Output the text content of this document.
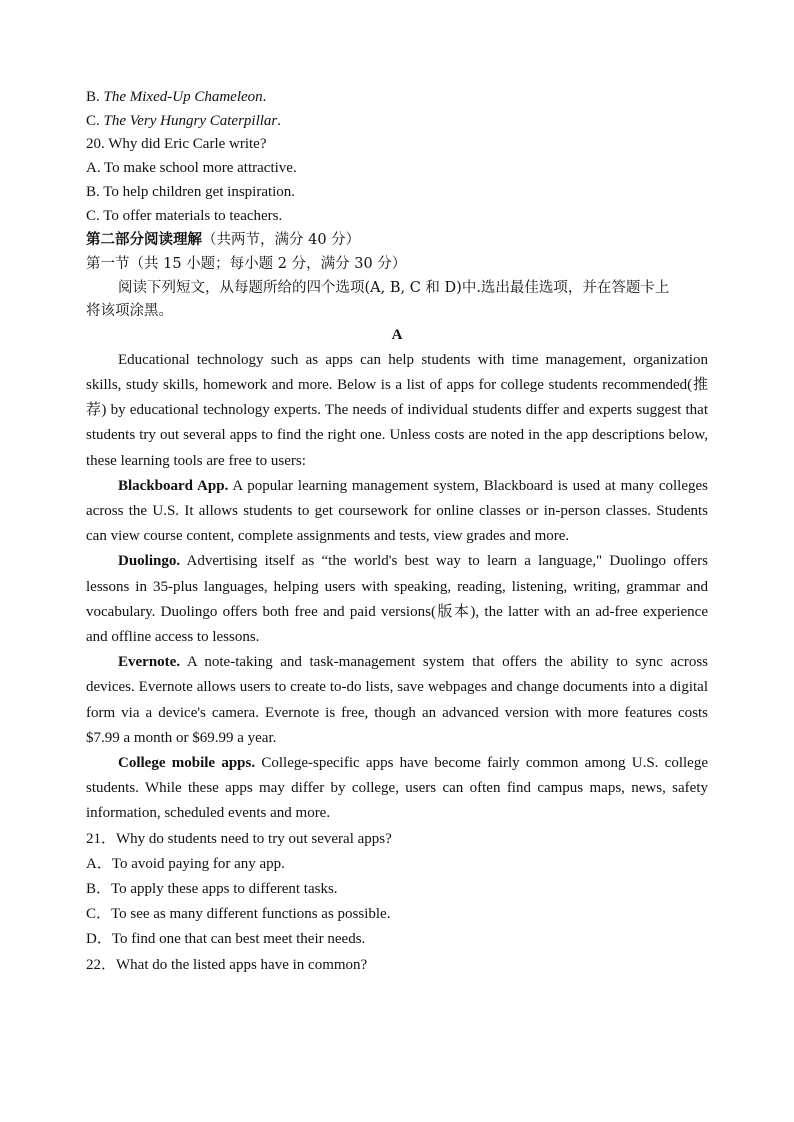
B. The Mixed-Up Chameleon.
C. The Very Hungry Caterpillar.
20. Why did Eric Carle write?
A. To make school more attractive.
B. To help children get inspiration.
C. To offer materials to teachers.
第二部分阅读理解（共两节，满分 40 分）
第一节（共 15 小题；每小题 2 分，满分 30 分）
阅读下列短文，从每题所给的四个选项(A, B, C 和 D)中.选出最佳选项，并在答题卡上
将该项涂黑。
A

Educational technology such as apps can help students with time management, organization skills, study skills, homework and more. Below is a list of apps for college students recommended(推荐) by educational technology experts. The needs of individual students differ and experts suggest that students try out several apps to find the right one. Unless costs are noted in the app descriptions below, these learning tools are free to users:

Blackboard App. A popular learning management system, Blackboard is used at many colleges across the U.S. It allows students to get coursework for online classes or in-person classes. Students can view course content, complete assignments and tests, view grades and more.

Duolingo. Advertising itself as “the world's best way to learn a language," Duolingo offers lessons in 35-plus languages, helping users with speaking, reading, listening, writing, grammar and vocabulary. Duolingo offers both free and paid versions(版本), the latter with an ad-free experience and offline access to lessons.

Evernote. A note-taking and task-management system that offers the ability to sync across devices. Evernote allows users to create to-do lists, save webpages and change documents into a digital form via a device's camera. Evernote is free, though an advanced version with more features costs $7.99 a month or $69.99 a year.

College mobile apps. College-specific apps have become fairly common among U.S. college students. While these apps may differ by college, users can often find campus maps, news, safety information, scheduled events and more.

21．Why do students need to try out several apps?
A．To avoid paying for any app.
B．To apply these apps to different tasks.
C．To see as many different functions as possible.
D．To find one that can best meet their needs.
22．What do the listed apps have in common?
